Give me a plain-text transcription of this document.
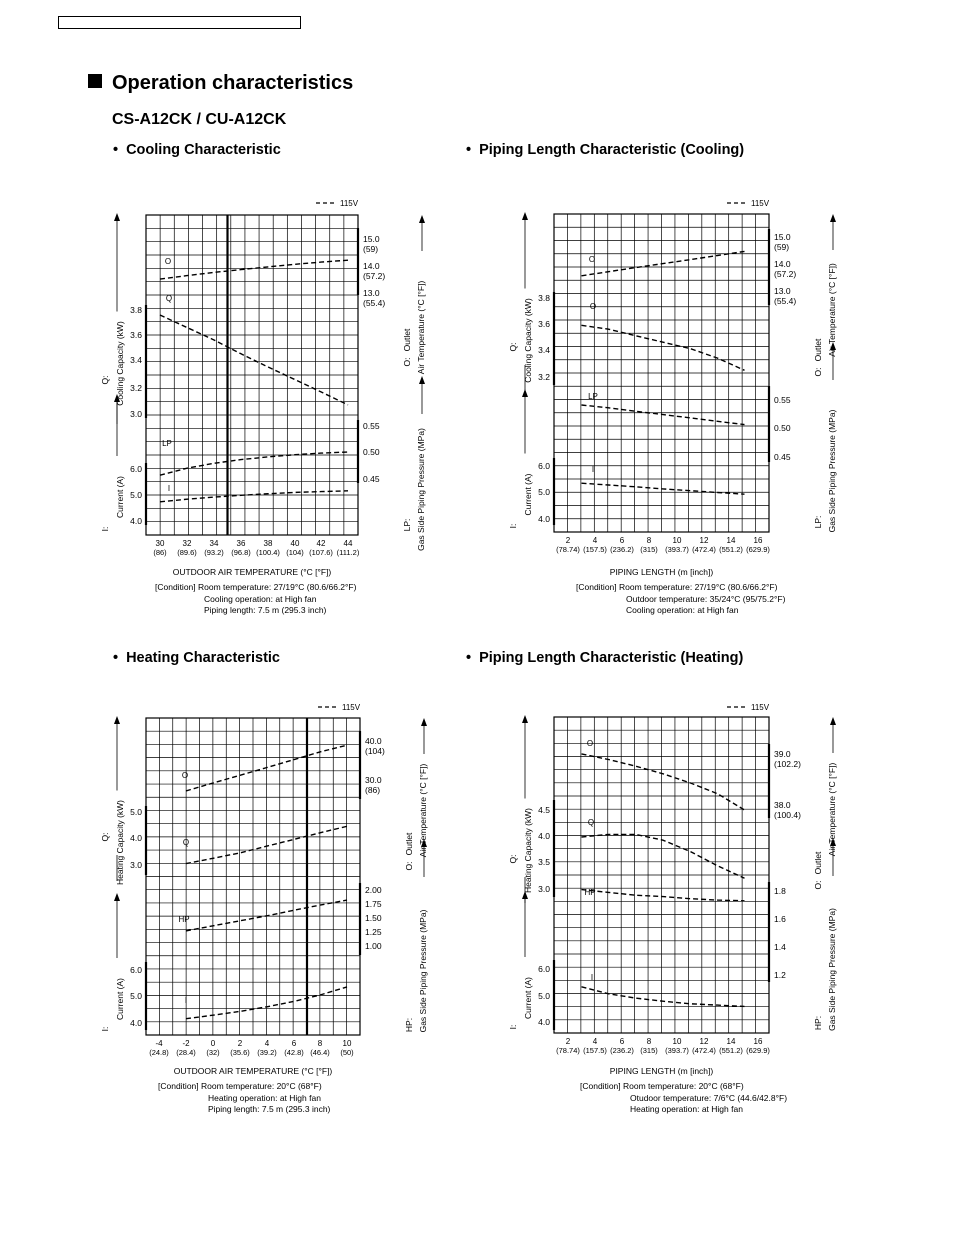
Operation characteristics
CS-A12CK / CU-A12CK
• Cooling Characteristic	• Piping Length Characteristic (Cooling)
• Heating Characteristic	• Piping Length Characteristic (Heating)
115V
30
(86)
32
(89.6)
34
(93.2)
36
(96.8)
38
(100.4)
40
(104)
42
(107.6)
44
(111.2)
OUTDOOR AIR TEMPERATURE (°C [°F])
3.8
3.6
3.4
3.2
3.0
6.0
5.0
4.0
15.0
(59)
14.0
(57.2)
13.0
(55.4)
0.55
0.50
0.45
Cooling Capacity (kW)
Q:
Current (A)
I:
Outlet Air Temperature (°C [°F])
O:
Gas Side Piping Pressure (MPa)
LP:
O
Q
LP
I
[Condition] Room temperature: 27/19°C (80.6/66.2°F)
Cooling operation: at High fan
Piping length: 7.5 m (295.3 inch)
115V
2
(78.74)
4
(157.5)
6
(236.2)
8
(315)
10
(393.7)
12
(472.4)
14
(551.2)
16
(629.9)
PIPING LENGTH (m [inch])
3.8
3.6
3.4
3.2
6.0
5.0
4.0
15.0
(59)
14.0
(57.2)
13.0
(55.4)
0.55
0.50
0.45
Cooling Capacity (kW)
Q:
Current (A)
I:
Outlet Air Temperature (°C [°F])
O:
Gas Side Piping Pressure (MPa)
LP:
O
O
LP
I
[Condition] Room temperature: 27/19°C (80.6/66.2°F)
Outdoor temperature: 35/24°C (95/75.2°F)
Cooling operation: at High fan
115V
-4
(24.8)
-2
(28.4)
0
(32)
2
(35.6)
4
(39.2)
6
(42.8)
8
(46.4)
10
(50)
OUTDOOR AIR TEMPERATURE (°C [°F])
5.0
4.0
3.0
6.0
5.0
4.0
40.0
(104)
30.0
(86)
2.00
1.75
1.50
1.25
1.00
Heating Capacity (kW)
Q:
Current (A)
I:
Outlet Air Temperature (°C [°F])
O:
Gas Side Piping Pressure (MPa)
HP:
O
Q
HP
I
[Condition] Room temperature: 20°C (68°F)
Heating operation: at High fan
Piping length: 7.5 m (295.3 inch)
115V
2
(78.74)
4
(157.5)
6
(236.2)
8
(315)
10
(393.7)
12
(472.4)
14
(551.2)
16
(629.9)
PIPING LENGTH (m [inch])
4.5
4.0
3.5
3.0
6.0
5.0
4.0
39.0
(102.2)
38.0
(100.4)
1.8
1.6
1.4
1.2
Heating Capacity (kW)
Q:
Current (A)
I:
Outlet
Air Temperature (°C [°F])
O:
Gas Side Piping Pressure (MPa)
HP:
O
Q
HP
I
[Condition] Room temperature: 20°C (68°F)
Otudoor temperature: 7/6°C (44.6/42.8°F)
Heating operation: at High fan
